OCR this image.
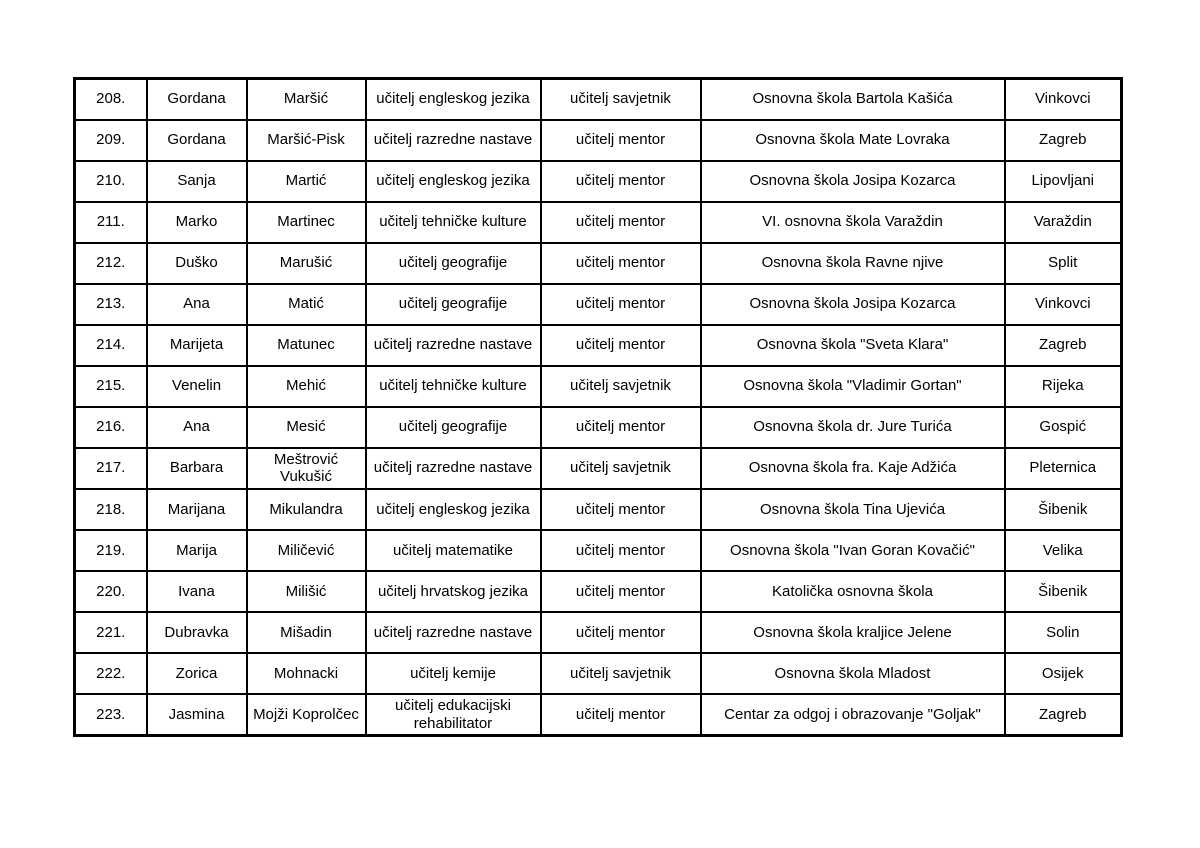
208.	Gordana	Maršić	učitelj engleskog jezika	učitelj savjetnik	Osnovna škola Bartola Kašića	Vinkovci
209.	Gordana	Maršić-Pisk	učitelj razredne nastave	učitelj mentor	Osnovna škola Mate Lovraka	Zagreb
210.	Sanja	Martić	učitelj engleskog jezika	učitelj mentor	Osnovna škola Josipa Kozarca	Lipovljani
211.	Marko	Martinec	učitelj tehničke kulture	učitelj mentor	VI. osnovna škola Varaždin	Varaždin
212.	Duško	Marušić	učitelj geografije	učitelj mentor	Osnovna škola Ravne njive	Split
213.	Ana	Matić	učitelj geografije	učitelj mentor	Osnovna škola Josipa Kozarca	Vinkovci
214.	Marijeta	Matunec	učitelj razredne nastave	učitelj mentor	Osnovna škola "Sveta Klara"	Zagreb
215.	Venelin	Mehić	učitelj tehničke kulture	učitelj savjetnik	Osnovna škola "Vladimir Gortan"	Rijeka
216.	Ana	Mesić	učitelj geografije	učitelj mentor	Osnovna škola dr. Jure Turića	Gospić
217.	Barbara	Meštrović Vukušić	učitelj razredne nastave	učitelj savjetnik	Osnovna škola fra. Kaje Adžića	Pleternica
218.	Marijana	Mikulandra	učitelj engleskog jezika	učitelj mentor	Osnovna škola Tina Ujevića	Šibenik
219.	Marija	Miličević	učitelj matematike	učitelj mentor	Osnovna škola "Ivan Goran Kovačić"	Velika
220.	Ivana	Milišić	učitelj hrvatskog jezika	učitelj mentor	Katolička osnovna škola	Šibenik
221.	Dubravka	Mišadin	učitelj razredne nastave	učitelj mentor	Osnovna škola kraljice Jelene	Solin
222.	Zorica	Mohnacki	učitelj kemije	učitelj savjetnik	Osnovna škola Mladost	Osijek
223.	Jasmina	Mojži Koprolčec	učitelj edukacijski rehabilitator	učitelj mentor	Centar za odgoj i obrazovanje "Goljak"	Zagreb
